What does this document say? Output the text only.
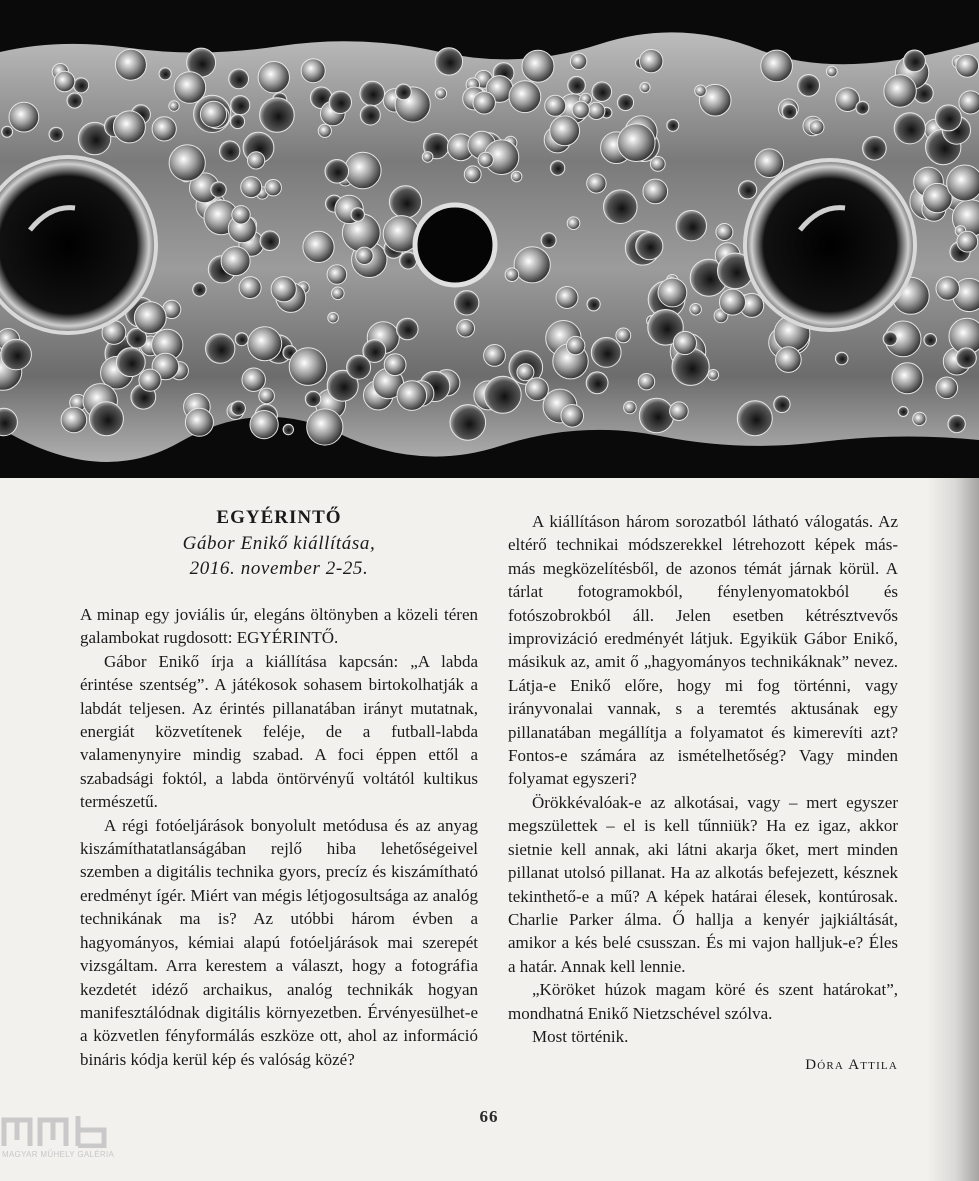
EGYÉRINTŐ
Gábor Enikő kiállítása,
2016. november 2-25.

A minap egy joviális úr, elegáns öltönyben a közeli téren galambokat rugdosott: EGYÉRINTŐ.

Gábor Enikő írja a kiállítása kapcsán: „A labda érintése szentség”. A játékosok sohasem birtokolhatják a labdát teljesen. Az érintés pillanatában irányt mutatnak, energiát közvetítenek feléje, de a futball-labda valamenynyire mindig szabad. A foci éppen ettől a szabadsági foktól, a labda öntörvényű voltától kultikus természetű.

A régi fotóeljárások bonyolult metódusa és az anyag kiszámíthatatlanságában rejlő hiba lehetőségeivel szemben a digitális technika gyors, precíz és kiszámítható eredményt ígér. Miért van mégis létjogosultsága az analóg technikának ma is? Az utóbbi három évben a hagyományos, kémiai alapú fotóeljárások mai szerepét vizsgáltam. Arra kerestem a választ, hogy a fotográfia kezdetét idéző archaikus, analóg technikák hogyan manifesztálódnak digitális környezetben. Érvényesülhet-e a közvetlen fényformálás eszköze ott, ahol az információ bináris kódja kerül kép és valóság közé?

A kiállításon három sorozatból látható válogatás. Az eltérő technikai módszerekkel létrehozott képek más-más megközelítésből, de azonos témát járnak körül. A tárlat fotogramokból, fénylenyomatokból és fotószobrokból áll. Jelen esetben kétrésztvevős improvizáció eredményét látjuk. Egyikük Gábor Enikő, másikuk az, amit ő „hagyományos technikáknak” nevez. Látja-e Enikő előre, hogy mi fog történni, vagy irányvonalai vannak, s a teremtés aktusának egy pillanatában megállítja a folyamatot és kimerevíti azt? Fontos-e számára az ismételhetőség? Vagy minden folyamat egyszeri?

Örökkévalóak-e az alkotásai, vagy – mert egyszer megszülettek – el is kell tűnniük? Ha ez igaz, akkor sietnie kell annak, aki látni akarja őket, mert minden pillanat utolsó pillanat. Ha az alkotás befejezett, késznek tekinthető-e a mű? A képek határai élesek, kontúrosak. Charlie Parker álma. Ő hallja a kenyér jajkiáltását, amikor a kés belé csusszan. És mi vajon halljuk-e? Éles a határ. Annak kell lennie.

„Köröket húzok magam köré és szent határokat”, mondhatná Enikő Nietzschével szólva.

Most történik.

Dóra Attila
66
MAGYAR MŰHELY GALÉRIA
